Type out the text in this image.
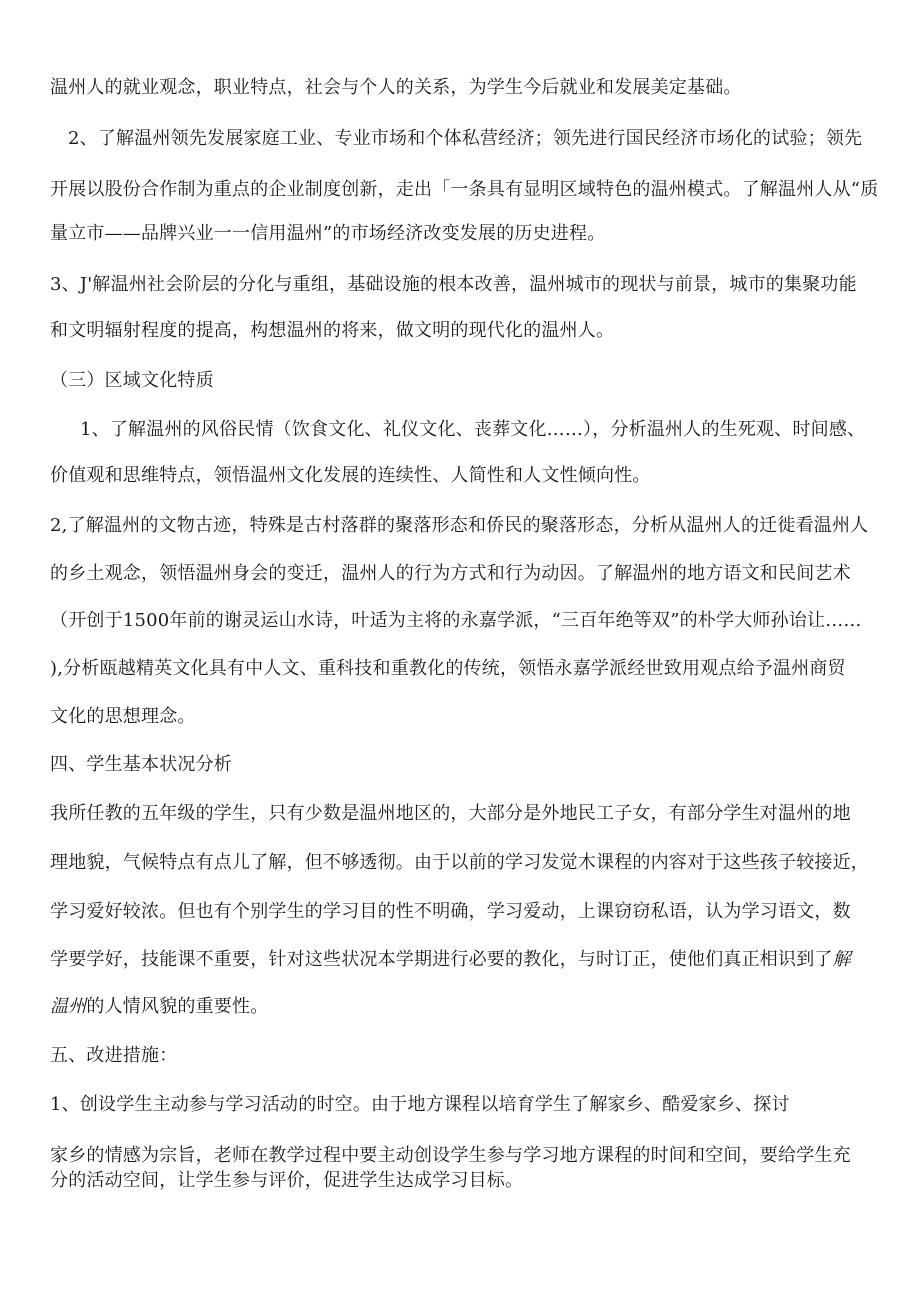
温州人的就业观念，职业特点，社会与个人的关系，为学生今后就业和发展美定基础。

2、了解温州领先发展家庭工业、专业市场和个体私营经济；领先进行国民经济市场化的试验；领先

开展以股份合作制为重点的企业制度创新，走出「一条具有显明区域特色的温州模式。了解温州人从“质

量立市——品牌兴业一一信用温州”的市场经济改变发展的历史进程。

3、J'解温州社会阶层的分化与重组，基础设施的根本改善，温州城市的现状与前景，城市的集聚功能

和文明辐射程度的提高，构想温州的将来，做文明的现代化的温州人。

（三）区域文化特质

1、了解温州的风俗民情（饮食文化、礼仪文化、丧葬文化……），分析温州人的生死观、时间感、

价值观和思维特点，领悟温州文化发展的连续性、人简性和人文性倾向性。

2,了解温州的文物古迹，特殊是古村落群的聚落形态和侨民的聚落形态，分析从温州人的迁徙看温州人

的乡土观念，领悟温州身会的变迁，温州人的行为方式和行为动因。了解温州的地方语文和民间艺术

（开创于1500年前的谢灵运山水诗，叶适为主将的永嘉学派，“三百年绝等双”的朴学大师孙诒让……

),分析瓯越精英文化具有中人文、重科技和重教化的传统，领悟永嘉学派经世致用观点给予温州商贸

文化的思想理念。

四、学生基本状况分析

我所任教的五年级的学生，只有少数是温州地区的，大部分是外地民工子女，有部分学生对温州的地

理地貌，气候特点有点儿了解，但不够透彻。由于以前的学习发觉木课程的内容对于这些孩子较接近，

学习爱好较浓。但也有个别学生的学习目的性不明确，学习爱动，上课窃窃私语，认为学习语文，数

学要学好，技能课不重要，针对这些状况本学期进行必要的教化，与时订正，使他们真正相识到了解

温州的人情风貌的重要性。

五、改进措施：

1、创设学生主动参与学习活动的时空。由于地方课程以培育学生了解家乡、酷爱家乡、探讨

家乡的情感为宗旨，老师在教学过程中要主动创设学生参与学习地方课程的时间和空间，要给学生充

分的活动空间，让学生参与评价，促进学生达成学习目标。
